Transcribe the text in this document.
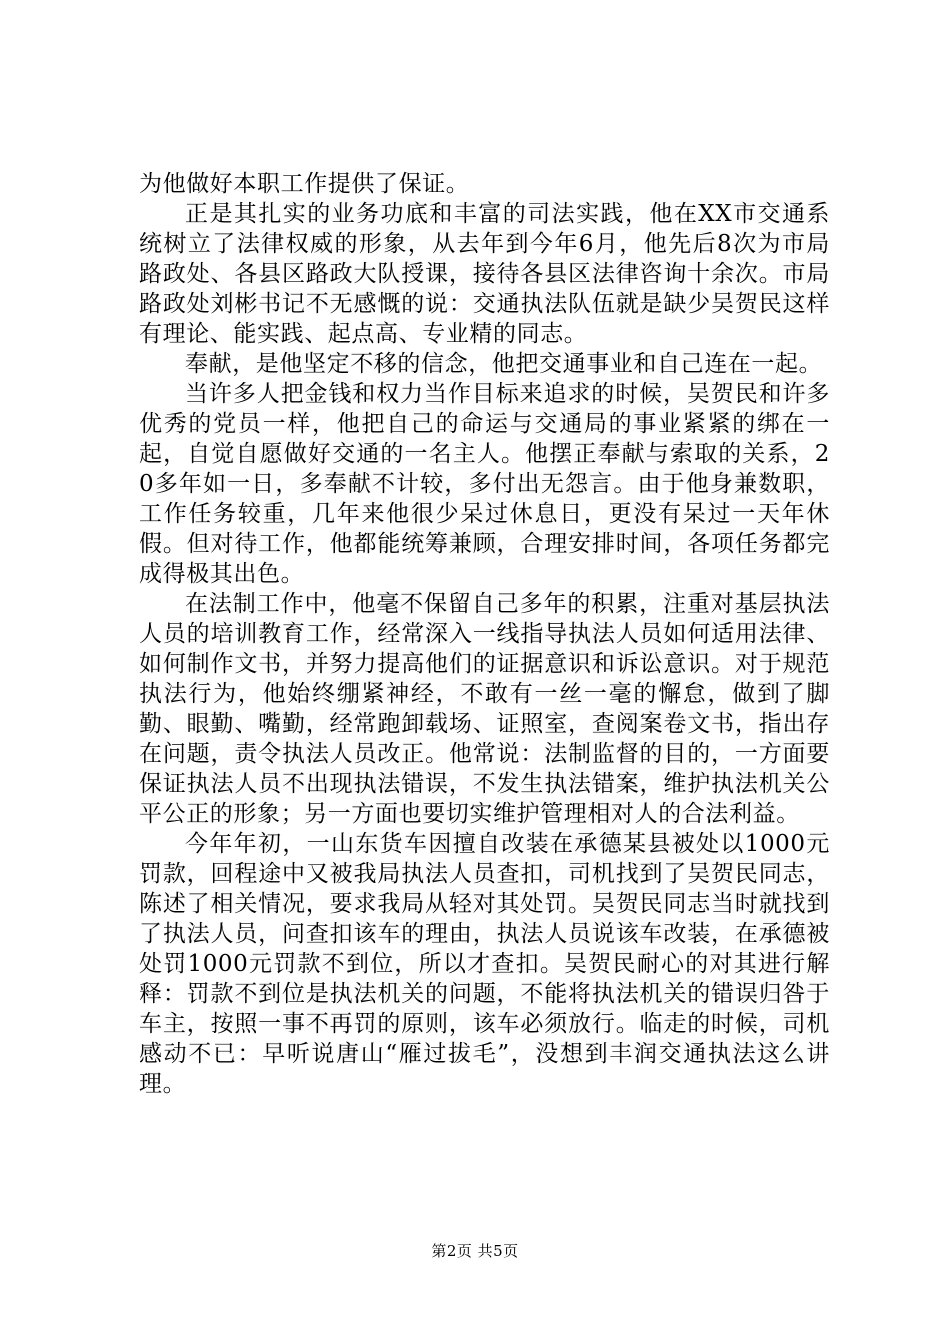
为他做好本职工作提供了保证。

正是其扎实的业务功底和丰富的司法实践，他在XX市交通系统树立了法律权威的形象，从去年到今年6月，他先后8次为市局路政处、各县区路政大队授课，接待各县区法律咨询十余次。市局路政处刘彬书记不无感慨的说：交通执法队伍就是缺少吴贺民这样有理论、能实践、起点高、专业精的同志。

奉献，是他坚定不移的信念，他把交通事业和自己连在一起。

当许多人把金钱和权力当作目标来追求的时候，吴贺民和许多优秀的党员一样，他把自己的命运与交通局的事业紧紧的绑在一起，自觉自愿做好交通的一名主人。他摆正奉献与索取的关系，20多年如一日，多奉献不计较，多付出无怨言。由于他身兼数职，工作任务较重，几年来他很少呆过休息日，更没有呆过一天年休假。但对待工作，他都能统筹兼顾，合理安排时间，各项任务都完成得极其出色。

在法制工作中，他毫不保留自己多年的积累，注重对基层执法人员的培训教育工作，经常深入一线指导执法人员如何适用法律、如何制作文书，并努力提高他们的证据意识和诉讼意识。对于规范执法行为，他始终绷紧神经，不敢有一丝一毫的懈怠，做到了脚勤、眼勤、嘴勤，经常跑卸载场、证照室，查阅案卷文书，指出存在问题，责令执法人员改正。他常说：法制监督的目的，一方面要保证执法人员不出现执法错误，不发生执法错案，维护执法机关公平公正的形象；另一方面也要切实维护管理相对人的合法利益。

今年年初，一山东货车因擅自改装在承德某县被处以1000元罚款，回程途中又被我局执法人员查扣，司机找到了吴贺民同志，陈述了相关情况，要求我局从轻对其处罚。吴贺民同志当时就找到了执法人员，问查扣该车的理由，执法人员说该车改装，在承德被处罚1000元罚款不到位，所以才查扣。吴贺民耐心的对其进行解释：罚款不到位是执法机关的问题，不能将执法机关的错误归咎于车主，按照一事不再罚的原则，该车必须放行。临走的时候，司机感动不已：早听说唐山“雁过拔毛”，没想到丰润交通执法这么讲理。

第2页 共5页
